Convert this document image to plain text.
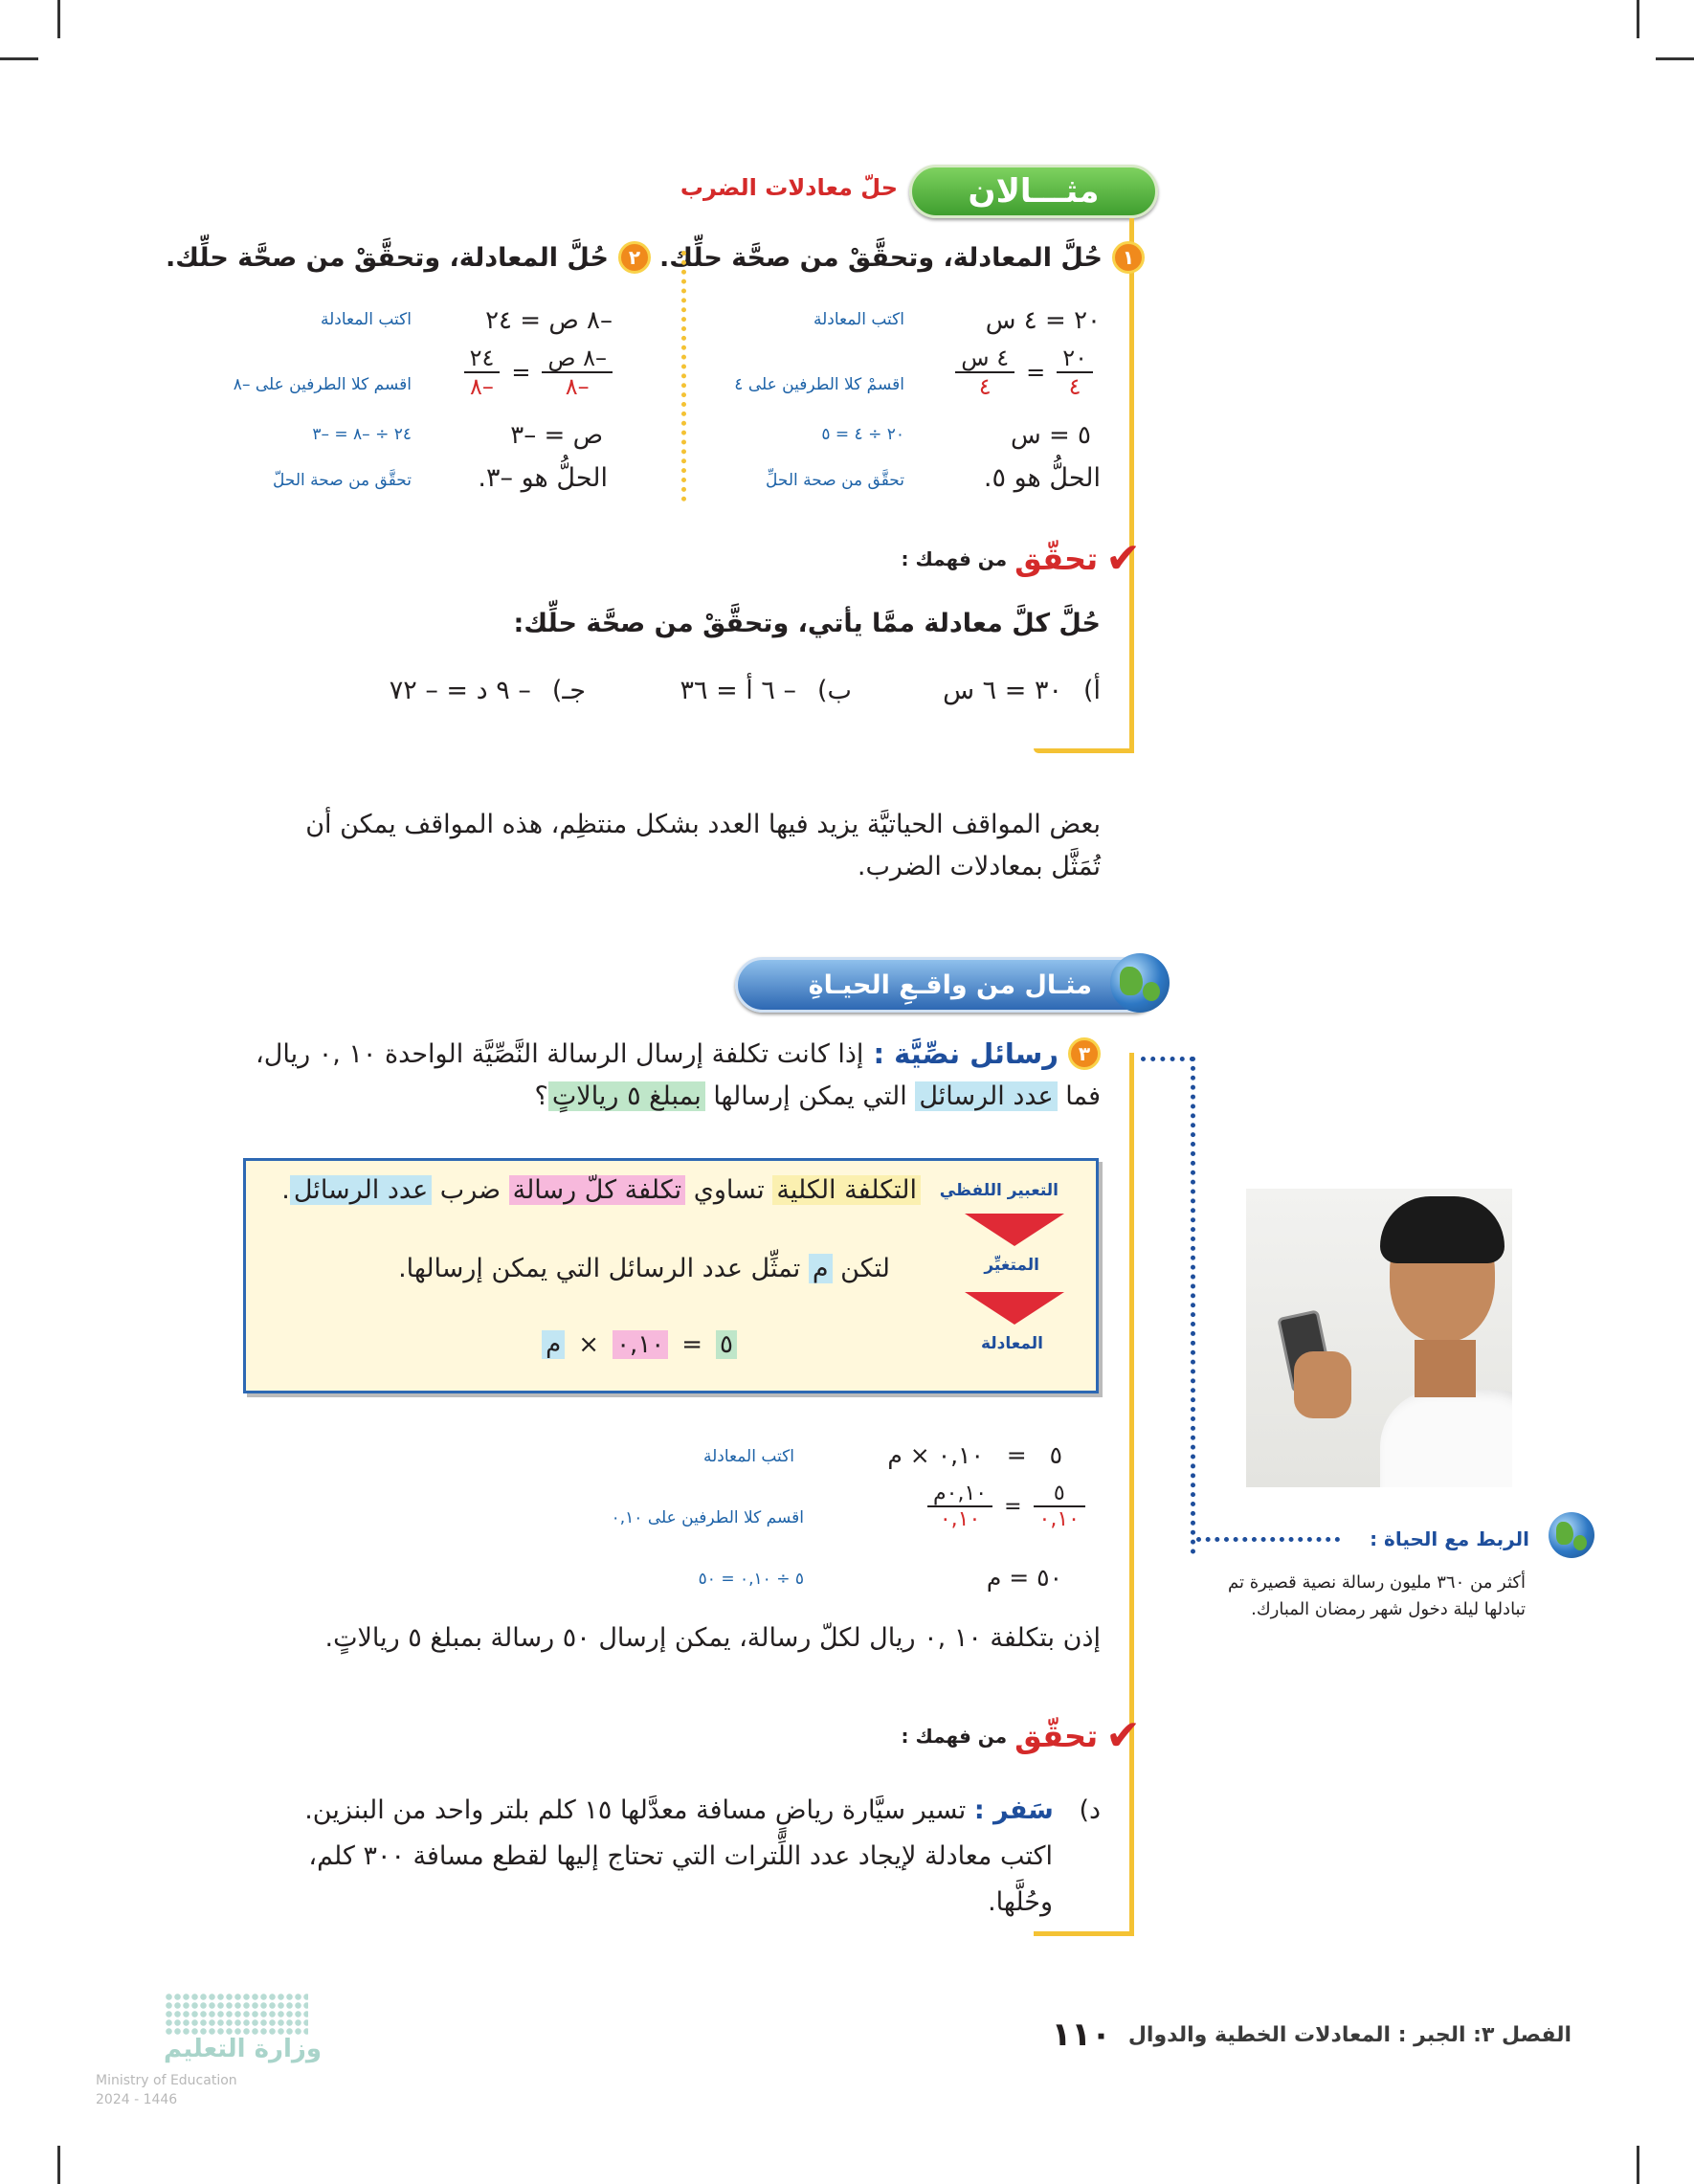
مثـــالان
حلّ معادلات الضرب
١
حُلَّ المعادلة، وتحقَّقْ من صحَّة حلِّك.
٢٠ = ٤ س
اكتب المعادلة
$\frac{٢٠}{٤}$
=
$\frac{\text{٤ س}}{٤}$
اقسمْ كلا الطرفين على ٤
٥ = س
٢٠ ÷ ٤ = ٥
الحلُّ هو ٥.
تحقَّق من صحة الحلِّ
٢
حُلَّ المعادلة، وتحقَّقْ من صحَّة حلِّك.
–٨ ص = ٢٤
اكتب المعادلة
$\frac{\text{–٨ ص}}{-٨}$
=
$\frac{٢٤}{-٨}$
اقسم كلا الطرفين على –٨
ص = –٣
٢٤ ÷ –٨ = –٣
الحلُّ هو –٣.
تحقَّق من صحة الحلّ
✔
تحقّق
من فهمك :
حُلَّ كلَّ معادلة ممَّا يأتي، وتحقَّقْ من صحَّة حلِّك:
أ)
٣٠ = ٦ س
ب)
– ٦ أ = ٣٦
جـ)
– ٩ د = – ٧٢
بعض المواقف الحياتيَّة يزيد فيها العدد بشكل منتظِم، هذه المواقف يمكن أن تُمَثَّل بمعادلات الضرب.
مثـال من واقـعِ الحيـاةِ
٣
رسائل نصِّيَّة :
إذا كانت تكلفة إرسال الرسالة النَّصِّيَّة الواحدة ١٠ ,٠ ريال،
فما عدد الرسائل التي يمكن إرسالها بمبلغ ٥ ريالاتٍ؟
التعبير اللفظي
المتغيِّر
المعادلة
التكلفة الكلية تساوي تكلفة كلّ رسالة ضرب عدد الرسائل.
لتكن م تمثِّل عدد الرسائل التي يمكن إرسالها.
٥
=
٠,١٠
×
م
٥   =   ٠,١٠ × م
اكتب المعادلة
$\frac{٥}{٠,١٠}$
=
$\frac{\text{٠,١٠م}}{٠,١٠}$
اقسم كلا الطرفين على ٠,١٠
٥٠ = م
٥ ÷ ٠,١٠ = ٥٠
إذن بتكلفة ١٠ ,٠ ريال لكلّ رسالة، يمكن إرسال ٥٠ رسالة بمبلغ ٥ ريالاتٍ.
✔
تحقّق
من فهمك :
د) سَفر : تسير سيَّارة رياضٍ مسافة معدَّلها ١٥ كلم بلتر واحد من البنزين.
اكتب معادلة لإيجاد عدد اللِّترات التي تحتاج إليها لقطع مسافة ٣٠٠ كلم،
وحُلَّها.
الربط مع الحياة :
أكثر من ٣٦٠ مليون رسالة نصية قصيرة تم تبادلها ليلة دخول شهر رمضان المبارك.
الفصل ٣: الجبر : المعادلات الخطية والدوال
١١٠
وزارة التعليم
Ministry of Education
2024 - 1446
